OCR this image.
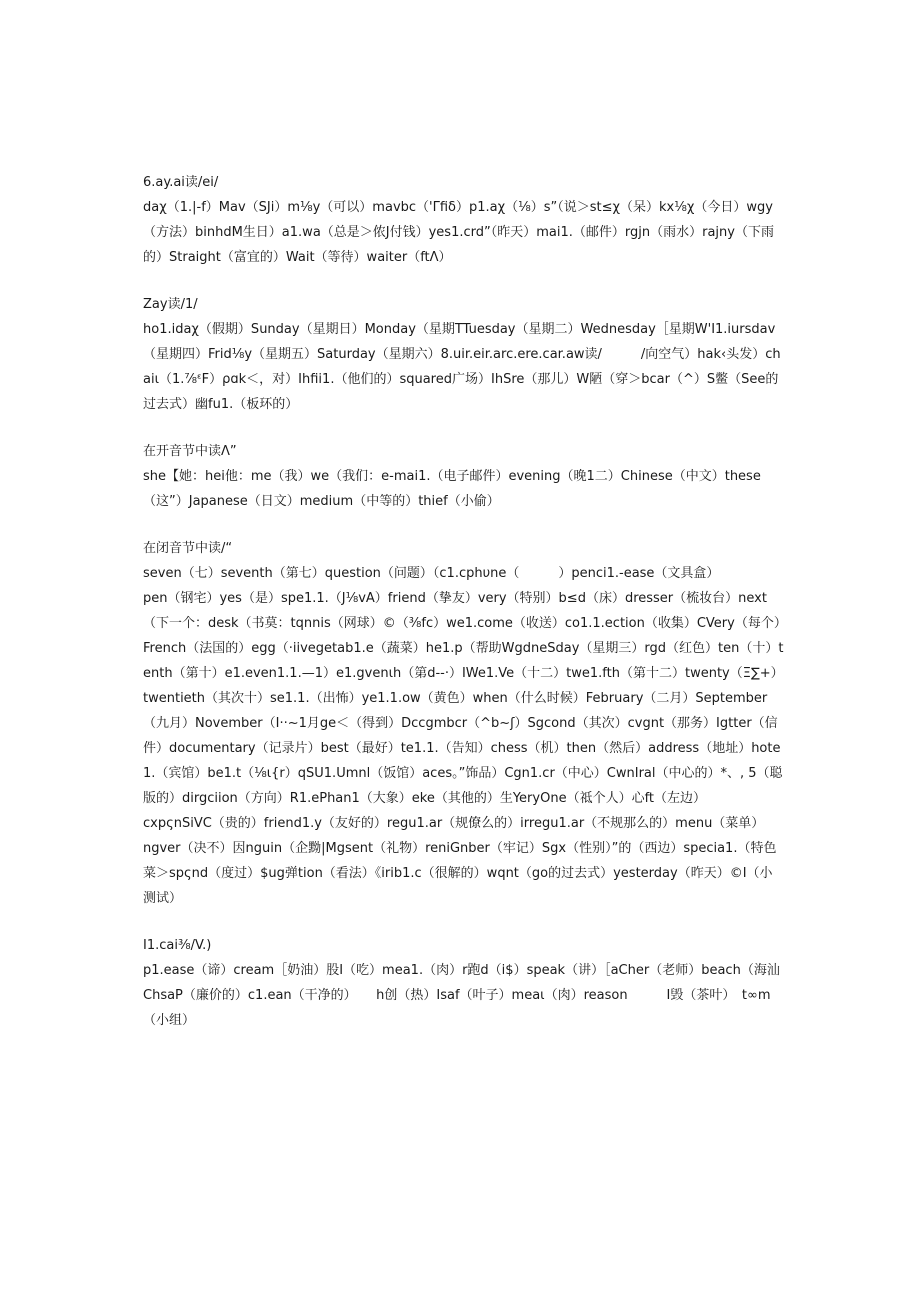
6.ay.ai读/ei/

daχ（1.|-f）Mav（SJi）m⅛y（可以）mavbc（'Γfiδ）p1.aχ（⅛）s”（说＞st≤χ（呆）kx⅛χ（今日）wgy（方法）binhdM生日）a1.wa（总是＞侬J付钱）yes1.crd”（昨天）mai1.（邮件）rgjn（雨水）rajny（下雨的）Straight（富宜的）Wait（等待）waiter（ftΛ）

Zay读/1/

ho1.idaχ（假期）Sunday（星期日）Monday（星期TTuesday（星期二）Wednesday［星期W'I1.iursdav（星期四）Frid⅛y（星期五）Saturday（星期六）8.uir.eir.arc.ere.car.aw读/　　　/向空气）hak‹头发）chaiι（1.⅞ᵋF）ρɑk＜，对）Ihfii1.（他们的）squared广场）IhSre（那儿）W陋（穿＞bcar（^）S鳖（See的过去式）幽fu1.（板环的）

在开音节中读Λ”

she【她：hei他：me（我）we（我们：e-mai1.（电子邮件）evening（晚1二）Chinese（中文）these（这”）Japanese（日文）medium（中等的）thief（小偷）

在闭音节中读/“

seven（七）seventh（第七）question（问题）（c1.cphυne（　　　）penci1.-ease（文具盒）

pen（钢宅）yes（是）spe1.1.（J⅛vA）friend（挚友）very（特别）b≤d（床）dresser（梳妆台）next（下一个：desk（书莫：tqnnis（网球）©（⅜fc）we1.come（收送）co1.1.ection（收集）CVery（每个）French（法国的）egg（·iivegetab1.e（蔬菜）he1.p（帮助WgdneSday（星期三）rgd（红色）ten（十）tenth（第十）e1.even1.1.—1）e1.gvenιh（第d--·）IWe1.Ve（十二）twe1.fth（第十二）twenty（Ξ∑+）twentieth（其次十）se1.1.（出怖）ye1.1.ow（黄色）when（什么时候）February（二月）September（九月）November（I··~1月ge＜（得到）Dccgmbcr（^b~ʃ）Sgcond（其次）cvgnt（那务）Igtter（信件）documentary（记录片）best（最好）te1.1.（告知）chess（机）then（然后）address（地址）hote1.（宾馆）be1.t（⅛ι{r）qSU1.Umnl（饭馆）aces。”饰品）Cgn1.cr（中心）CwnIral（中心的）*、, 5（聪版的）dirgciion（方向）R1.ePhan1（大象）eke（其他的）生YeryOne（祗个人）心ft（左边）

cxpςnSiVC（贵的）friend1.y（友好的）regu1.ar（规僚么的）irregu1.ar（不规那么的）menu（菜单）

ngver（决不）因nguin（企黝|Mgsent（礼物）reniGnber（牢记）Sgx（性别）”的（西边）specia1.（特色菜＞spςnd（度过）$ug弹tion（看法）《irib1.c（很解的）wqnt（go的过去式）yesterday（昨天）©I（小测试）

I1.cai⅜/V.)

p1.ease（谛）cream［奶油）股I（吃）mea1.（肉）r跑d（i$）speak（讲）［aCher（老师）beach（海汕ChsaP（廉价的）c1.ean（干净的）　　h创（热）Isaf（叶子）meaι（肉）reason　　　I毁（茶叶）　t∞m（小组）
